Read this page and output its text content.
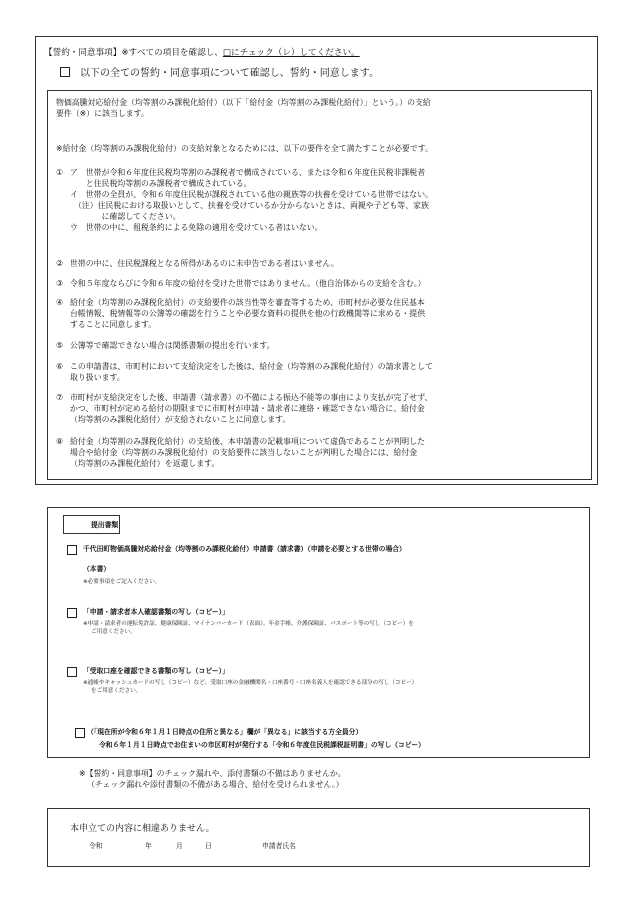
【誓約・同意事項】※すべての項目を確認し、□にチェック（レ）してください。
以下の全ての誓約・同意事項について確認し、誓約・同意します。
物価高騰対応給付金（均等割のみ課税化給付）（以下「給付金（均等割のみ課税化給付）」という。）の支給
要件（※）に該当します。
※給付金（均等割のみ課税化給付）の支給対象となるためには、以下の要件を全て満たすことが必要です。
① ア　世帯が令和６年度住民税均等割のみ課税者で構成されている、または令和６年度住民税非課税者
　　と住民税均等割のみ課税者で構成されている。
イ　世帯の全員が、令和６年度住民税が課税されている他の親族等の扶養を受けている世帯ではない。
　（注）住民税における取扱いとして、扶養を受けているか分からないときは、両親や子ども等、家族
　　　　に確認してください。
ウ　世帯の中に、租税条約による免除の適用を受けている者はいない。
② 世帯の中に、住民税課税となる所得があるのに未申告である者はいません。
③ 令和５年度ならびに令和６年度の給付を受けた世帯ではありません。（他自治体からの支給を含む。）
④ 給付金（均等割のみ課税化給付）の支給要件の該当性等を審査等するため、市町村が必要な住民基本
台帳情報、税情報等の公簿等の確認を行うことや必要な資料の提供を他の行政機関等に求める・提供
することに同意します。
⑤ 公簿等で確認できない場合は関係書類の提出を行います。
⑥ この申請書は、市町村において支給決定をした後は、給付金（均等割のみ課税化給付）の請求書として
取り扱います。
⑦ 市町村が支給決定をした後、申請書（請求書）の不備による振込不能等の事由により支払が完了せず、
かつ、市町村が定める給付の期限までに市町村が申請・請求者に連絡・確認できない場合に、給付金
（均等割のみ課税化給付）が支給されないことに同意します。
⑧ 給付金（均等割のみ課税化給付）の支給後、本申請書の記載事項について虚偽であることが判明した
場合や給付金（均等割のみ課税化給付）の支給要件に該当しないことが判明した場合には、給付金
（均等割のみ課税化給付）を返還します。
提出書類
千代田町物価高騰対応給付金（均等割のみ課税化給付）申請書（請求書）（申請を必要とする世帯の場合）
（本書）
※必要事項をご記入ください。
「申請・請求者本人確認書類の写し（コピー）」
※申請・請求者の運転免許証、健康保険証、マイナンバーカード（表面）、年金手帳、介護保険証、パスポート等の写し（コピー）を
ご用意ください。
「受取口座を確認できる書類の写し（コピー）」
※通帳やキャッシュカードの写し（コピー）など、受取口座の金融機関名・口座番号・口座名義人を確認できる部分の写し（コピー）
をご用意ください。
（「現在所が令和６年１月１日時点の住所と異なる」欄が「異なる」に該当する方全員分）
令和６年１月１日時点でお住まいの市区町村が発行する「令和６年度住民税課税証明書」の写し（コピー）
※【誓約・同意事項】のチェック漏れや、添付書類の不備はありませんか。
（チェック漏れや添付書類の不備がある場合、給付を受けられません。）
本申立ての内容に相違ありません。
令和	年	月	日	申請者氏名
